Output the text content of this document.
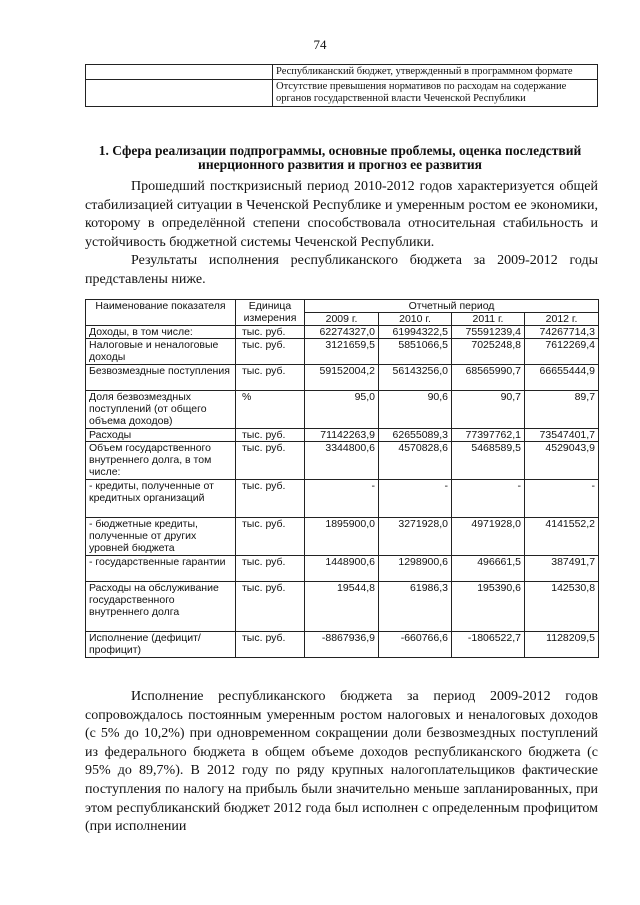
74
	Республиканский бюджет, утвержденный в программном формате
	Отсутствие превышения нормативов по расходам на содержание органов государственной власти Чеченской Республики
1. Сфера реализации подпрограммы, основные проблемы, оценка последствий инерционного развития и прогноз ее развития

Прошедший посткризисный период 2010-2012 годов характеризуется общей стабилизацией ситуации в Чеченской Республике и умеренным ростом ее экономики, которому в определённой степени способствовала относительная стабильность и устойчивость бюджетной системы Чеченской Республики.

Результаты исполнения республиканского бюджета за 2009-2012 годы представлены ниже.

Наименование показателя	Единица измерения	Отчетный период			
		2009 г.	2010 г.	2011 г.	2012 г.
Доходы, в том числе:	тыс. руб.	62274327,0	61994322,5	75591239,4	74267714,3
Налоговые и неналоговые доходы	тыс. руб.	3121659,5	5851066,5	7025248,8	7612269,4
Безвозмездные поступления	тыс. руб.	59152004,2	56143256,0	68565990,7	66655444,9
Доля безвозмездных поступлений (от общего объема доходов)	%	95,0	90,6	90,7	89,7
Расходы	тыс. руб.	71142263,9	62655089,3	77397762,1	73547401,7
Объем государственного внутреннего долга, в том числе:	тыс. руб.	3344800,6	4570828,6	5468589,5	4529043,9
- кредиты, полученные от кредитных организаций	тыс. руб.	-	-	-	-
- бюджетные кредиты, полученные от других уровней бюджета	тыс. руб.	1895900,0	3271928,0	4971928,0	4141552,2
- государственные гарантии	тыс. руб.	1448900,6	1298900,6	496661,5	387491,7
Расходы на обслуживание государственного внутреннего долга	тыс. руб.	19544,8	61986,3	195390,6	142530,8
Исполнение (дефицит/профицит)	тыс. руб.	-8867936,9	-660766,6	-1806522,7	1128209,5

Исполнение республиканского бюджета за период 2009-2012 годов сопровождалось постоянным умеренным ростом налоговых и неналоговых доходов (с 5% до 10,2%) при одновременном сокращении доли безвозмездных поступлений из федерального бюджета в общем объеме доходов республиканского бюджета (с 95% до 89,7%). В 2012 году по ряду крупных налогоплательщиков фактические поступления по налогу на прибыль были значительно меньше запланированных, при этом республиканский бюджет 2012 года был исполнен с определенным профицитом (при исполнении
